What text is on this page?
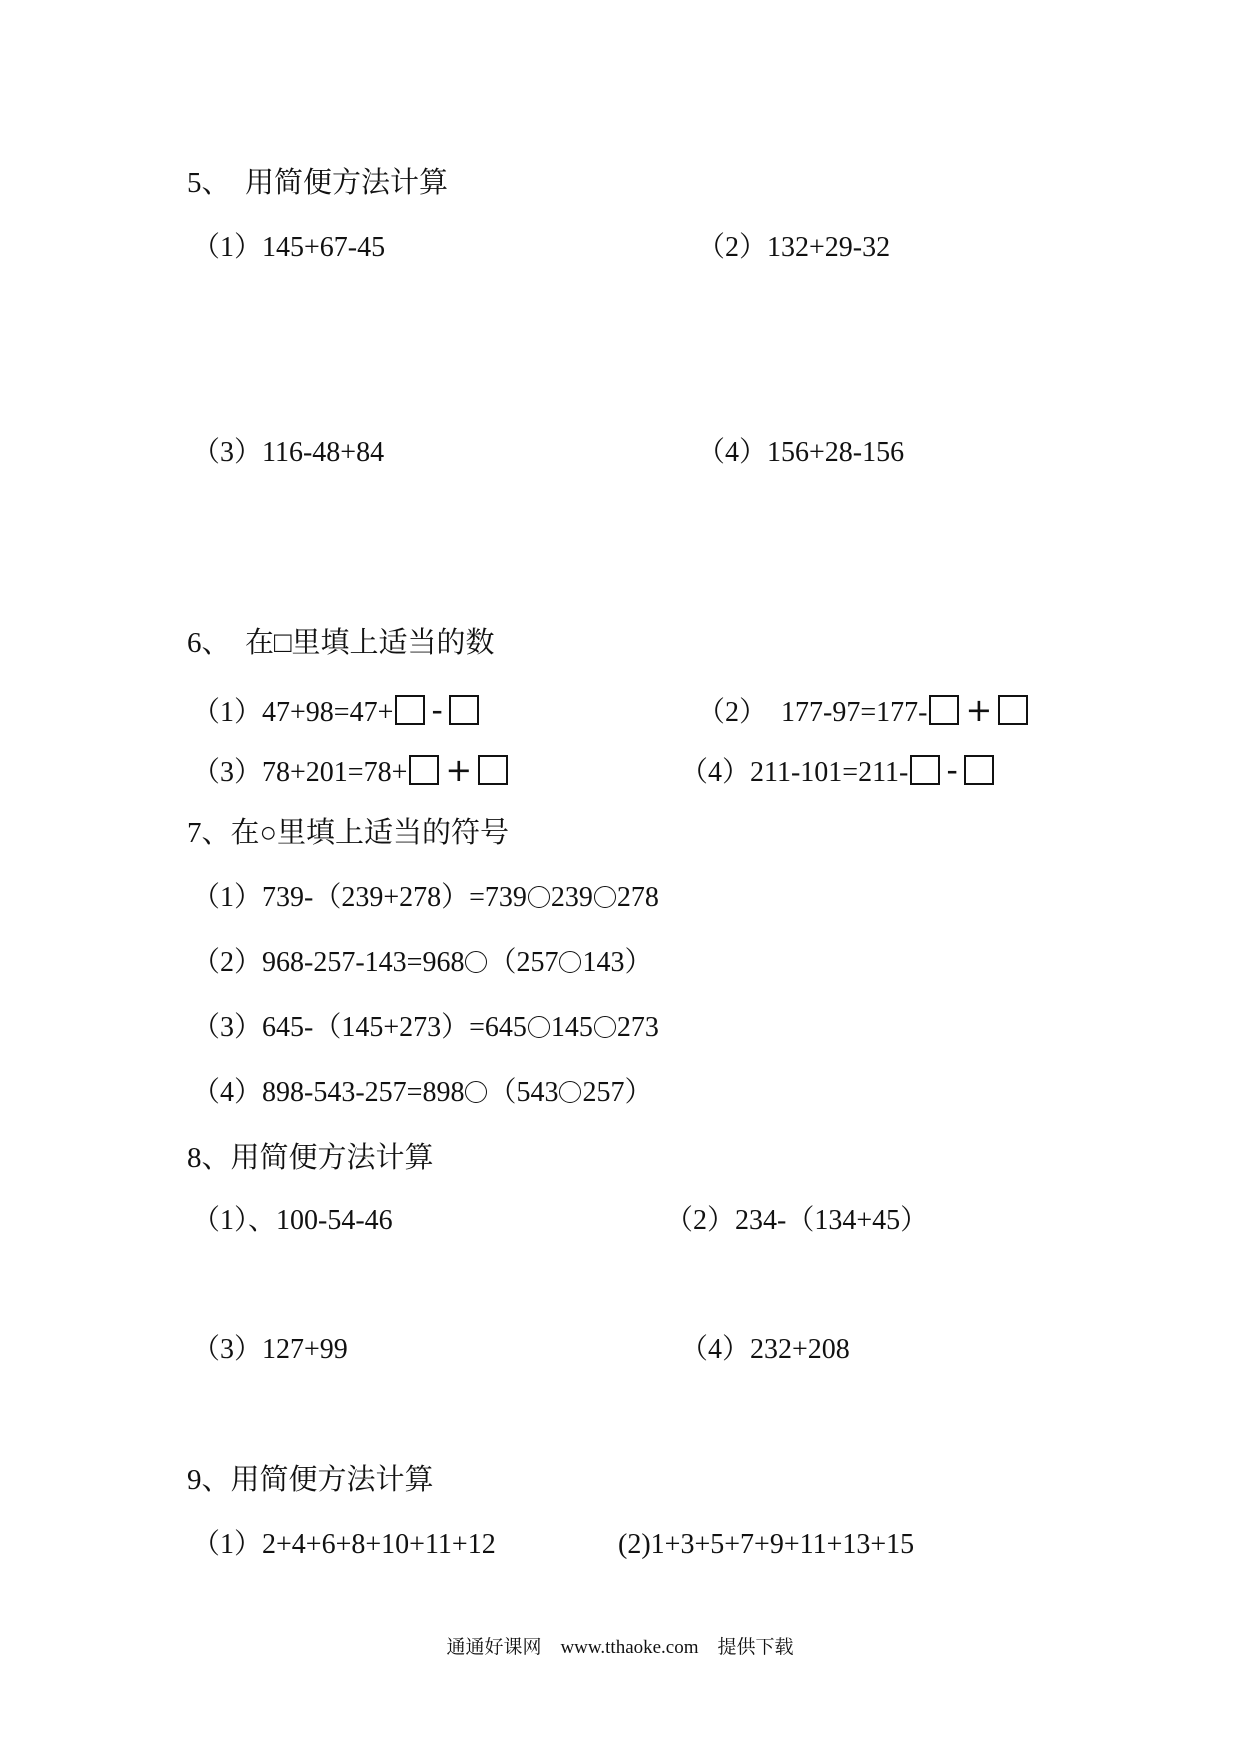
5、　用简便方法计算
（1）145+67-45	（2）132+29-32
（3）116-48+84	（4）156+28-156
6、　在□里填上适当的数
（1）47+98=47+ -	（2）　177-97=177- +
（3）78+201=78+ +	（4）211-101=211- -
7、在○里填上适当的符号
（1）739-（239+278）=739 239 278
（2）968-257-143=968 （257 143）
（3）645-（145+273）=645 145 273
（4）898-543-257=898 （543 257）
8、用简便方法计算
（1）、100-54-46	（2）234-（134+45）
（3）127+99	（4）232+208
9、用简便方法计算
（1）2+4+6+8+10+11+12	(2)1+3+5+7+9+11+13+15
通通好课网　www.tthaoke.com　提供下载
